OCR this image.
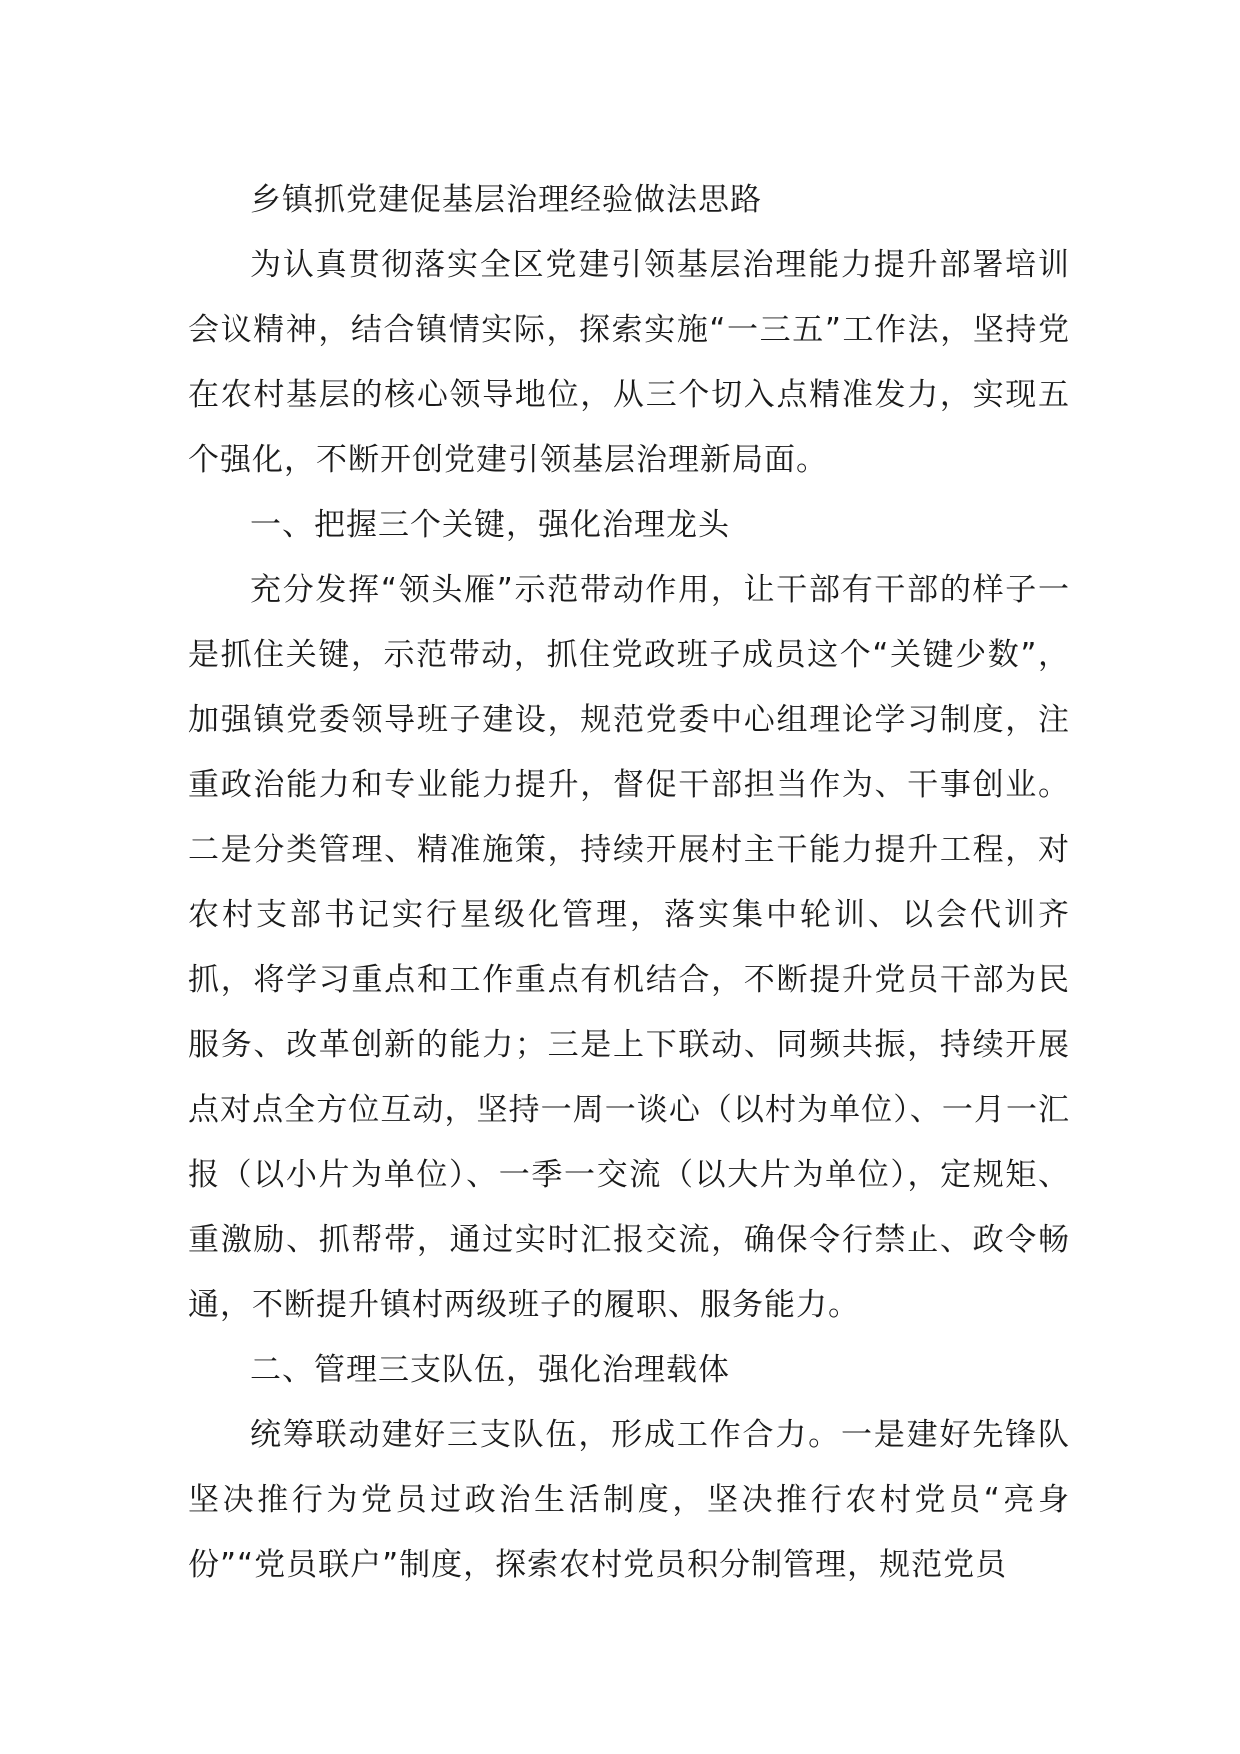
乡镇抓党建促基层治理经验做法思路

为认真贯彻落实全区党建引领基层治理能力提升部署培训会议精神，结合镇情实际，探索实施“一三五”工作法，坚持党在农村基层的核心领导地位，从三个切入点精准发力，实现五个强化，不断开创党建引领基层治理新局面。

一、把握三个关键，强化治理龙头

充分发挥“领头雁”示范带动作用，让干部有干部的样子一是抓住关键，示范带动，抓住党政班子成员这个“关键少数”，加强镇党委领导班子建设，规范党委中心组理论学习制度，注重政治能力和专业能力提升，督促干部担当作为、干事创业。二是分类管理、精准施策，持续开展村主干能力提升工程，对农村支部书记实行星级化管理，落实集中轮训、以会代训齐抓，将学习重点和工作重点有机结合，不断提升党员干部为民服务、改革创新的能力；三是上下联动、同频共振，持续开展点对点全方位互动，坚持一周一谈心（以村为单位）、一月一汇报（以小片为单位）、一季一交流（以大片为单位），定规矩、重激励、抓帮带，通过实时汇报交流，确保令行禁止、政令畅通，不断提升镇村两级班子的履职、服务能力。

二、管理三支队伍，强化治理载体

统筹联动建好三支队伍，形成工作合力。一是建好先锋队坚决推行为党员过政治生活制度，坚决推行农村党员“亮身份”“党员联户”制度，探索农村党员积分制管理，规范党员
